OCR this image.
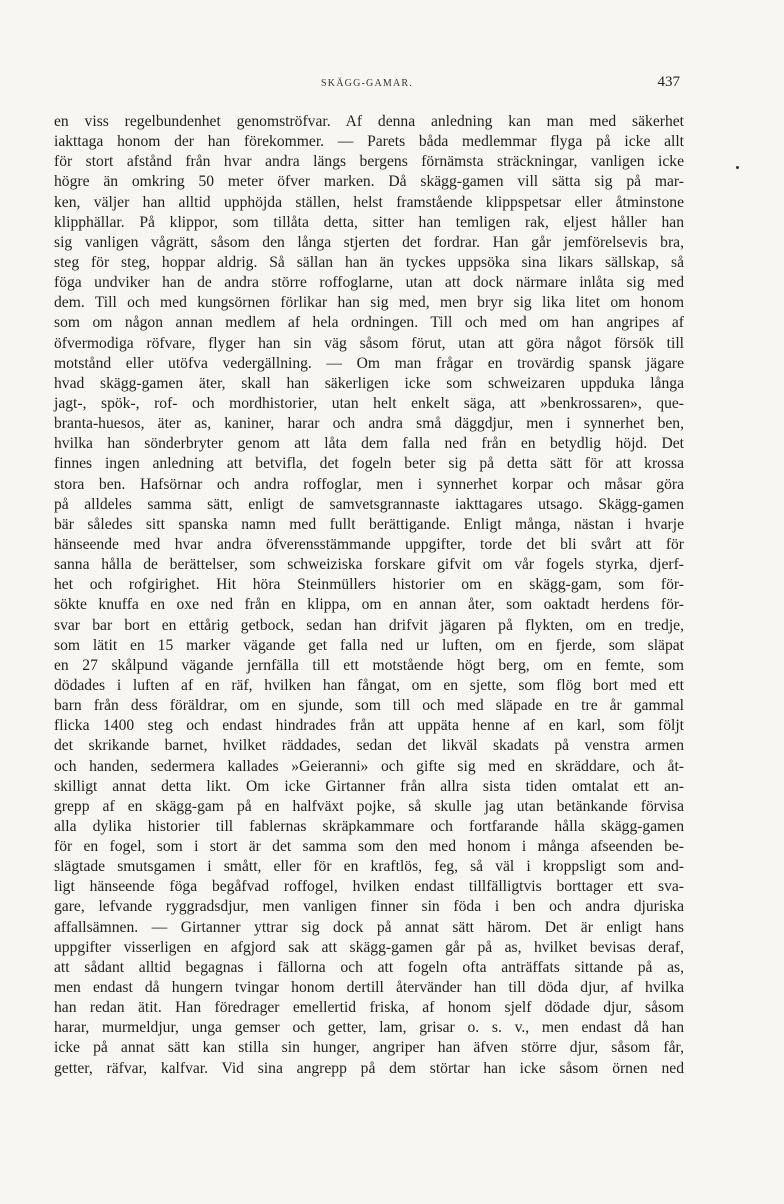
SKÄGG-GAMAR.	437
en viss regelbundenhet genomströfvar. Af denna anledning kan man med säkerhet
iakttaga honom der han förekommer. — Parets båda medlemmar flyga på icke allt
för stort afstånd från hvar andra längs bergens förnämsta sträckningar, vanligen icke
högre än omkring 50 meter öfver marken. Då skägg-gamen vill sätta sig på mar-
ken, väljer han alltid upphöjda ställen, helst framstående klippspetsar eller åtminstone
klipphällar. På klippor, som tillåta detta, sitter han temligen rak, eljest håller han
sig vanligen vågrätt, såsom den långa stjerten det fordrar. Han går jemförelsevis bra,
steg för steg, hoppar aldrig. Så sällan han än tyckes uppsöka sina likars sällskap, så
föga undviker han de andra större roffoglarne, utan att dock närmare inlåta sig med
dem. Till och med kungsörnen förlikar han sig med, men bryr sig lika litet om honom
som om någon annan medlem af hela ordningen. Till och med om han angripes af
öfvermodiga röfvare, flyger han sin väg såsom förut, utan att göra något försök till
motstånd eller utöfva vedergällning. — Om man frågar en trovärdig spansk jägare
hvad skägg-gamen äter, skall han säkerligen icke som schweizaren uppduka långa
jagt-, spök-, rof- och mordhistorier, utan helt enkelt säga, att »benkrossaren», que-
branta-huesos, äter as, kaniner, harar och andra små däggdjur, men i synnerhet ben,
hvilka han sönderbryter genom att låta dem falla ned från en betydlig höjd. Det
finnes ingen anledning att betvifla, det fogeln beter sig på detta sätt för att krossa
stora ben. Hafsörnar och andra roffoglar, men i synnerhet korpar och måsar göra
på alldeles samma sätt, enligt de samvetsgrannaste iakttagares utsago. Skägg-gamen
bär således sitt spanska namn med fullt berättigande. Enligt många, nästan i hvarje
hänseende med hvar andra öfverensstämmande uppgifter, torde det bli svårt att för
sanna hålla de berättelser, som schweiziska forskare gifvit om vår fogels styrka, djerf-
het och rofgirighet. Hit höra Steinmüllers historier om en skägg-gam, som för-
sökte knuffa en oxe ned från en klippa, om en annan åter, som oaktadt herdens för-
svar bar bort en ettårig getbock, sedan han drifvit jägaren på flykten, om en tredje,
som lätit en 15 marker vägande get falla ned ur luften, om en fjerde, som släpat
en 27 skålpund vägande jernfälla till ett motstående högt berg, om en femte, som
dödades i luften af en räf, hvilken han fångat, om en sjette, som flög bort med ett
barn från dess föräldrar, om en sjunde, som till och med släpade en tre år gammal
flicka 1400 steg och endast hindrades från att uppäta henne af en karl, som följt
det skrikande barnet, hvilket räddades, sedan det likväl skadats på venstra armen
och handen, sedermera kallades »Geieranni» och gifte sig med en skräddare, och åt-
skilligt annat detta likt. Om icke Girtanner från allra sista tiden omtalat ett an-
grepp af en skägg-gam på en halfväxt pojke, så skulle jag utan betänkande förvisa
alla dylika historier till fablernas skräpkammare och fortfarande hålla skägg-gamen
för en fogel, som i stort är det samma som den med honom i många afseenden be-
slägtade smutsgamen i smått, eller för en kraftlös, feg, så väl i kroppsligt som and-
ligt hänseende föga begåfvad roffogel, hvilken endast tillfälligtvis borttager ett sva-
gare, lefvande ryggradsdjur, men vanligen finner sin föda i ben och andra djuriska
affallsämnen. — Girtanner yttrar sig dock på annat sätt härom. Det är enligt hans
uppgifter visserligen en afgjord sak att skägg-gamen går på as, hvilket bevisas deraf,
att sådant alltid begagnas i fällorna och att fogeln ofta anträffats sittande på as,
men endast då hungern tvingar honom dertill återvänder han till döda djur, af hvilka
han redan ätit. Han föredrager emellertid friska, af honom sjelf dödade djur, såsom
harar, murmeldjur, unga gemser och getter, lam, grisar o. s. v., men endast då han
icke på annat sätt kan stilla sin hunger, angriper han äfven större djur, såsom får,
getter, räfvar, kalfvar. Vid sina angrepp på dem störtar han icke såsom örnen ned
